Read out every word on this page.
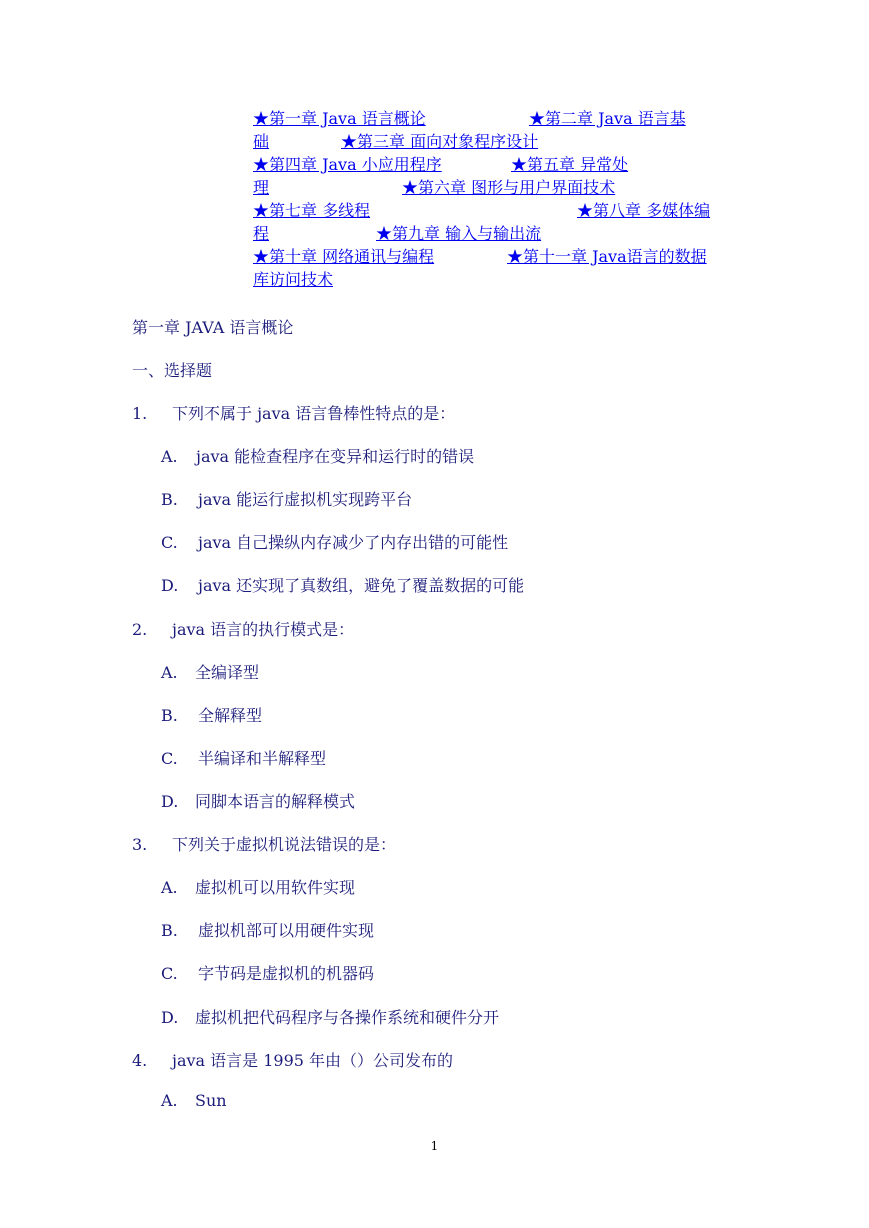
★第一章 Java 语言概论	★第二章 Java 语言基
础	★第三章 面向对象程序设计
★第四章 Java 小应用程序	★第五章 异常处
理	★第六章 图形与用户界面技术
★第七章 多线程	★第八章 多媒体编
程	★第九章 输入与输出流
★第十章 网络通讯与编程	★第十一章 Java语言的数据
库访问技术
第一章 JAVA 语言概论
一、选择题
1. 下列不属于 java 语言鲁棒性特点的是：
A. java 能检查程序在变异和运行时的错误
B. java 能运行虚拟机实现跨平台
C. java 自己操纵内存减少了内存出错的可能性
D. java 还实现了真数组，避免了覆盖数据的可能
2. java 语言的执行模式是：
A. 全编译型
B. 全解释型
C. 半编译和半解释型
D. 同脚本语言的解释模式
3. 下列关于虚拟机说法错误的是：
A. 虚拟机可以用软件实现
B. 虚拟机部可以用硬件实现
C. 字节码是虚拟机的机器码
D. 虚拟机把代码程序与各操作系统和硬件分开
4. java 语言是 1995 年由（）公司发布的
A. Sun
1
